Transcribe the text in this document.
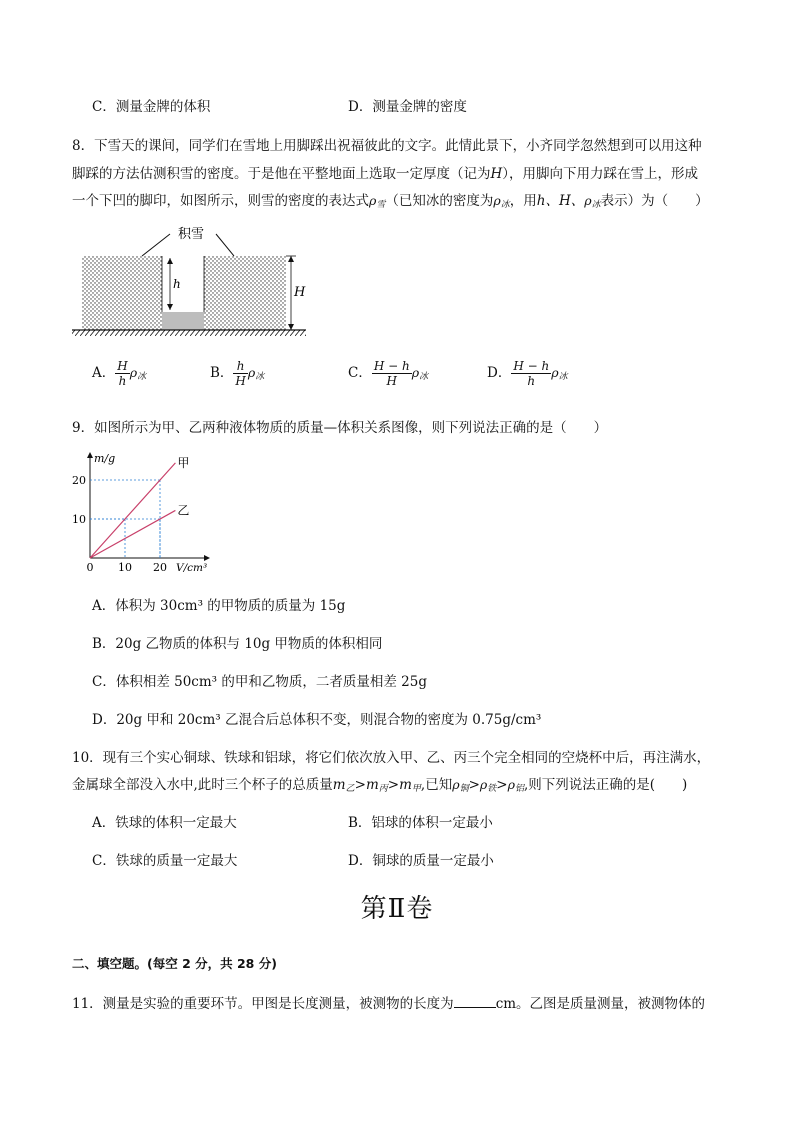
C．测量金牌的体积	D．测量金牌的密度
8．下雪天的课间，同学们在雪地上用脚踩出祝福彼此的文字。此情此景下，小齐同学忽然想到可以用这种
脚踩的方法估测积雪的密度。于是他在平整地面上选取一定厚度（记为H），用脚向下用力踩在雪上，形成
一个下凹的脚印，如图所示，则雪的密度的表达式$\rho_雪$（已知冰的密度为$\rho_冰$，用h、H、$\rho_冰$表示）为（　　）
积雪
h
H
A． $\frac{H}{h} \rho_冰$	B． $\frac{h}{H} \rho_冰$	C． $\frac{H - h}{H} \rho_冰$	D． $\frac{H - h}{h} \rho_冰$
9．如图所示为甲、乙两种液体物质的质量—体积关系图像，则下列说法正确的是（　　）
m/g
V/cm³
0 10 20
10
20
甲
乙
A．体积为 30cm³ 的甲物质的质量为 15g
B．20g 乙物质的体积与 10g 甲物质的体积相同
C．体积相差 50cm³ 的甲和乙物质，二者质量相差 25g
D．20g 甲和 20cm³ 乙混合后总体积不变，则混合物的密度为 0.75g/cm³
10．现有三个实心铜球、铁球和铝球，将它们依次放入甲、乙、丙三个完全相同的空烧杯中后，再注满水，
金属球全部没入水中,此时三个杯子的总质量$m_乙>m_丙>m_甲$,已知$\rho_铜>\rho_铁>\rho_铝$,则下列说法正确的是(　　)
A．铁球的体积一定最大	B．铝球的体积一定最小
C．铁球的质量一定最大	D．铜球的质量一定最小
第Ⅱ卷
二、填空题。(每空 2 分，共 28 分)
11．测量是实验的重要环节。甲图是长度测量，被测物的长度为	cm。乙图是质量测量，被测物体的
